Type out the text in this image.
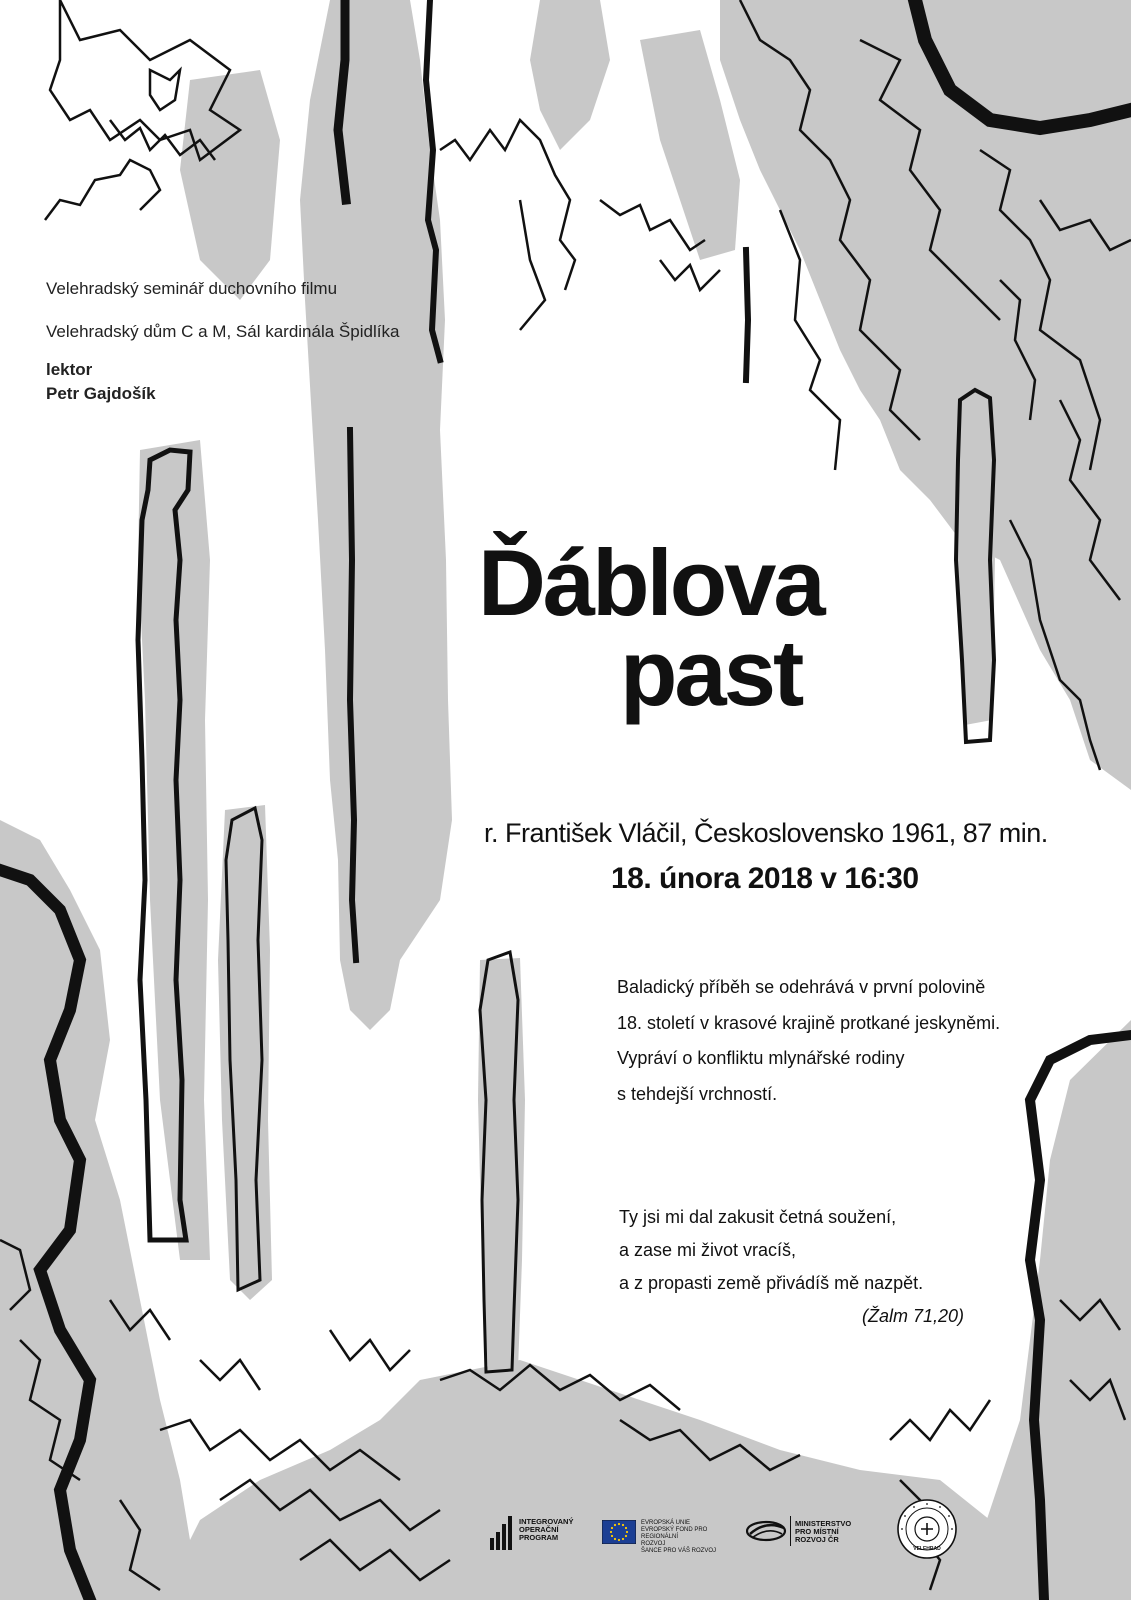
Velehradský seminář duchovního filmu
Velehradský dům C a M, Sál kardinála Špidlíka
lektor
Petr Gajdošík
Ďáblova
past
r. František Vláčil, Československo 1961, 87 min.
18. února 2018 v 16:30
Baladický příběh se odehrává v první polovině
18. století v krasové krajině protkané jeskyněmi.
Vypráví o konfliktu mlynářské rodiny
s tehdejší vrchností.
Ty jsi mi dal zakusit četná soužení,
a zase mi život vracíš,
a z propasti země přivádíš mě nazpět.
(Žalm 71,20)
INTEGROVANÝ
OPERAČNÍ
PROGRAM
EVROPSKÁ UNIE
EVROPSKÝ FOND PRO REGIONÁLNÍ
ROZVOJ
ŠANCE PRO VÁŠ ROZVOJ
MINISTERSTVO
PRO MÍSTNÍ
ROZVOJ ČR
VELEHRAD
